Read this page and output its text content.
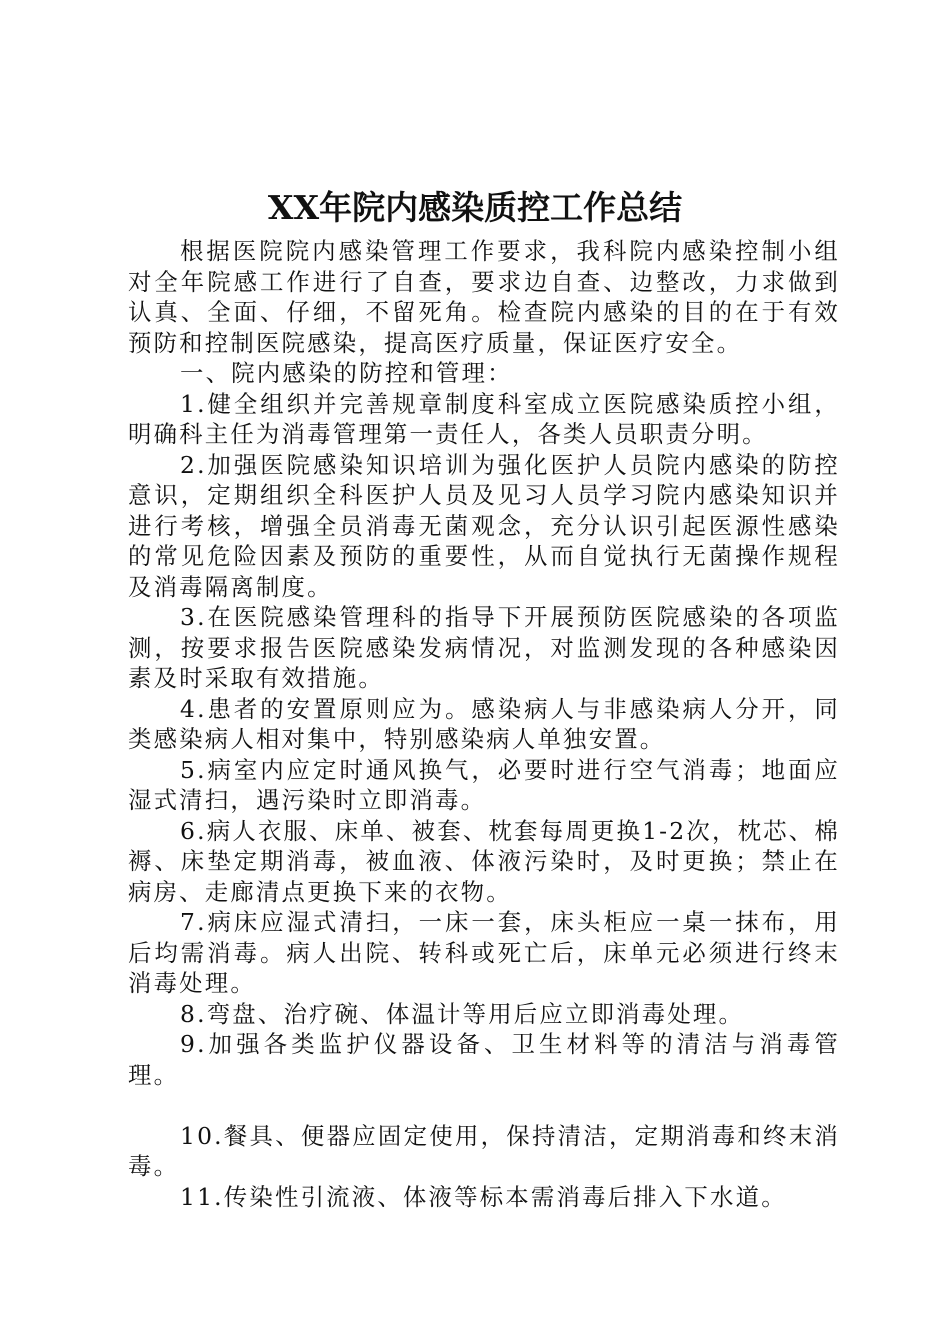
XX年院内感染质控工作总结

根据医院院内感染管理工作要求，我科院内感染控制小组对全年院感工作进行了自查，要求边自查、边整改，力求做到认真、全面、仔细，不留死角。检查院内感染的目的在于有效预防和控制医院感染，提高医疗质量，保证医疗安全。

一、院内感染的防控和管理：

1.健全组织并完善规章制度科室成立医院感染质控小组，明确科主任为消毒管理第一责任人，各类人员职责分明。

2.加强医院感染知识培训为强化医护人员院内感染的防控意识，定期组织全科医护人员及见习人员学习院内感染知识并进行考核，增强全员消毒无菌观念，充分认识引起医源性感染的常见危险因素及预防的重要性，从而自觉执行无菌操作规程及消毒隔离制度。

3.在医院感染管理科的指导下开展预防医院感染的各项监测，按要求报告医院感染发病情况，对监测发现的各种感染因素及时采取有效措施。

4.患者的安置原则应为。感染病人与非感染病人分开，同类感染病人相对集中，特别感染病人单独安置。

5.病室内应定时通风换气，必要时进行空气消毒；地面应湿式清扫，遇污染时立即消毒。

6.病人衣服、床单、被套、枕套每周更换1-2次，枕芯、棉褥、床垫定期消毒，被血液、体液污染时，及时更换；禁止在病房、走廊清点更换下来的衣物。

7.病床应湿式清扫，一床一套，床头柜应一桌一抹布，用后均需消毒。病人出院、转科或死亡后，床单元必须进行终末消毒处理。

8.弯盘、治疗碗、体温计等用后应立即消毒处理。

9.加强各类监护仪器设备、卫生材料等的清洁与消毒管理。

10.餐具、便器应固定使用，保持清洁，定期消毒和终末消毒。

11.传染性引流液、体液等标本需消毒后排入下水道。
